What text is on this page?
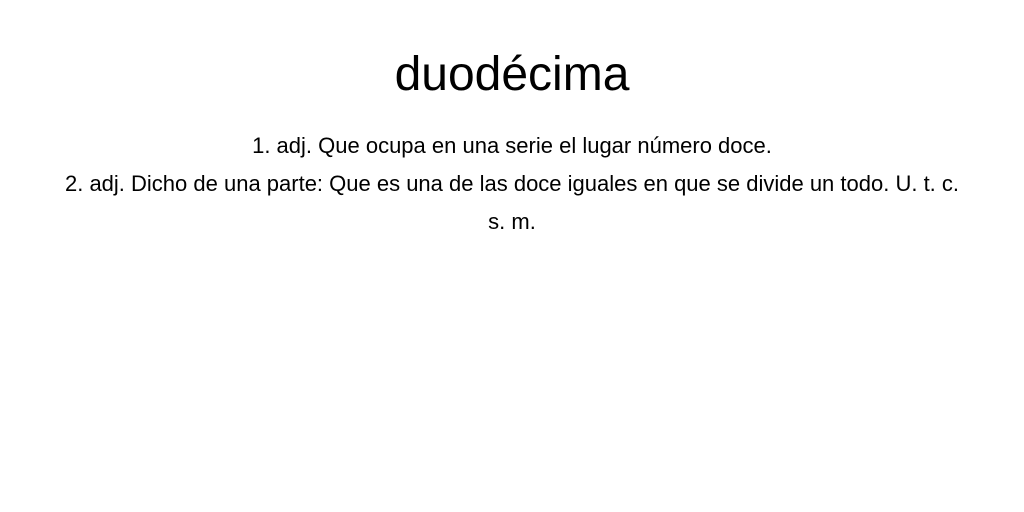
duodécima

1. adj. Que ocupa en una serie el lugar número doce.

2. adj. Dicho de una parte: Que es una de las doce iguales en que se divide un todo. U. t. c. s. m.
